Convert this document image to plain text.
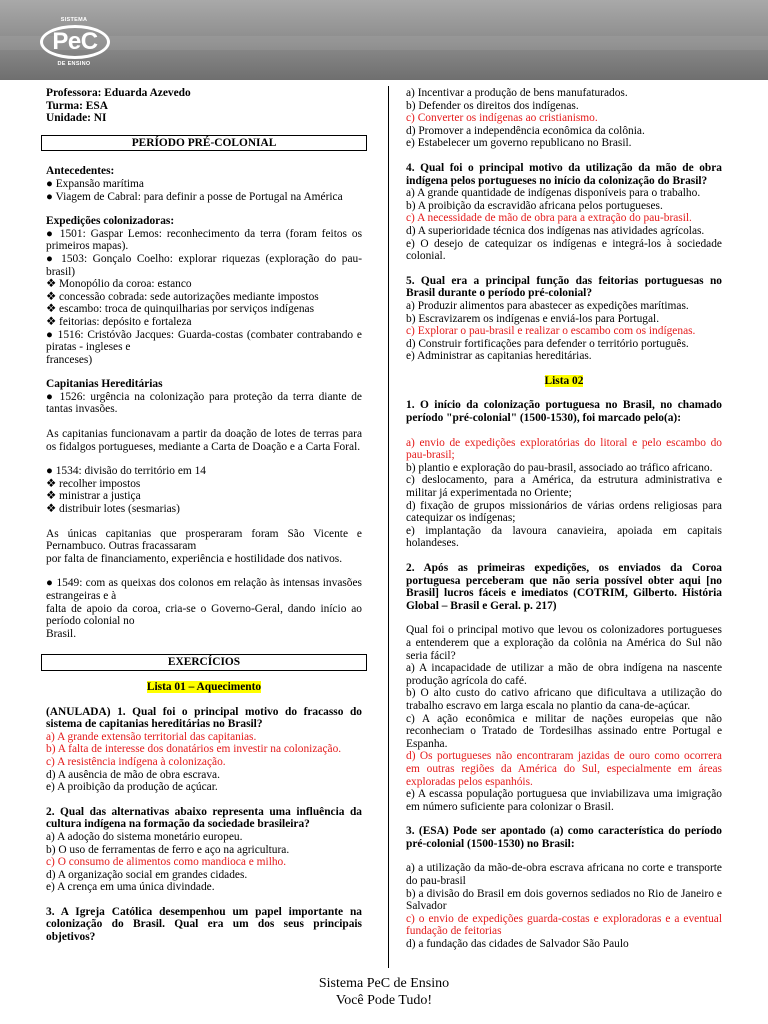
SISTEMA
PeC
DE ENSINO
Professora: Eduarda Azevedo
Turma: ESA
Unidade: NI
PERÍODO PRÉ-COLONIAL
Antecedentes:
● Expansão marítima
● Viagem de Cabral: para definir a posse de Portugal na América
Expedições colonizadoras:
● 1501: Gaspar Lemos: reconhecimento da terra (foram feitos os primeiros mapas).
● 1503: Gonçalo Coelho: explorar riquezas (exploração do pau-brasil)
❖ Monopólio da coroa: estanco
❖ concessão cobrada: sede autorizações mediante impostos
❖ escambo: troca de quinquilharias por serviços indígenas
❖ feitorias: depósito e fortaleza
● 1516: Cristóvão Jacques: Guarda-costas (combater contrabando e piratas - ingleses e
franceses)
Capitanias Hereditárias
● 1526: urgência na colonização para proteção da terra diante de tantas invasões.
As capitanias funcionavam a partir da doação de lotes de terras para os fidalgos portugueses, mediante a Carta de Doação e a Carta Foral.
● 1534: divisão do território em 14
❖ recolher impostos
❖ ministrar a justiça
❖ distribuir lotes (sesmarias)
As únicas capitanias que prosperaram foram São Vicente e Pernambuco. Outras fracassaram
por falta de financiamento, experiência e hostilidade dos nativos.
● 1549: com as queixas dos colonos em relação às intensas invasões estrangeiras e à
falta de apoio da coroa, cria-se o Governo-Geral, dando início ao período colonial no
Brasil.
EXERCÍCIOS
Lista 01 – Aquecimento
(ANULADA) 1. Qual foi o principal motivo do fracasso do sistema de capitanias hereditárias no Brasil?
a) A grande extensão territorial das capitanias.
b) A falta de interesse dos donatários em investir na colonização.
c) A resistência indígena à colonização.
d) A ausência de mão de obra escrava.
e) A proibição da produção de açúcar.
2. Qual das alternativas abaixo representa uma influência da cultura indígena na formação da sociedade brasileira?
a) A adoção do sistema monetário europeu.
b) O uso de ferramentas de ferro e aço na agricultura.
c) O consumo de alimentos como mandioca e milho.
d) A organização social em grandes cidades.
e) A crença em uma única divindade.
3. A Igreja Católica desempenhou um papel importante na colonização do Brasil. Qual era um dos seus principais objetivos?
a) Incentivar a produção de bens manufaturados.
b) Defender os direitos dos indígenas.
c) Converter os indígenas ao cristianismo.
d) Promover a independência econômica da colônia.
e) Estabelecer um governo republicano no Brasil.
4. Qual foi o principal motivo da utilização da mão de obra indígena pelos portugueses no início da colonização do Brasil?
a) A grande quantidade de indígenas disponíveis para o trabalho.
b) A proibição da escravidão africana pelos portugueses.
c) A necessidade de mão de obra para a extração do pau-brasil.
d) A superioridade técnica dos indígenas nas atividades agrícolas.
e) O desejo de catequizar os indígenas e integrá-los à sociedade colonial.
5. Qual era a principal função das feitorias portuguesas no Brasil durante o período pré-colonial?
a) Produzir alimentos para abastecer as expedições marítimas.
b) Escravizarem os indígenas e enviá-los para Portugal.
c) Explorar o pau-brasil e realizar o escambo com os indígenas.
d) Construir fortificações para defender o território português.
e) Administrar as capitanias hereditárias.
Lista 02
1. O início da colonização portuguesa no Brasil, no chamado período "pré-colonial" (1500-1530), foi marcado pelo(a):
a) envio de expedições exploratórias do litoral e pelo escambo do pau-brasil;
b) plantio e exploração do pau-brasil, associado ao tráfico africano.
c) deslocamento, para a América, da estrutura administrativa e militar já experimentada no Oriente;
d) fixação de grupos missionários de várias ordens religiosas para catequizar os indígenas;
e) implantação da lavoura canavieira, apoiada em capitais holandeses.
2. Após as primeiras expedições, os enviados da Coroa portuguesa perceberam que não seria possível obter aqui [no Brasil] lucros fáceis e imediatos (COTRIM, Gilberto. História Global – Brasil e Geral. p. 217)
Qual foi o principal motivo que levou os colonizadores portugueses a entenderem que a exploração da colônia na América do Sul não seria fácil?
a) A incapacidade de utilizar a mão de obra indígena na nascente produção agrícola do café.
b) O alto custo do cativo africano que dificultava a utilização do trabalho escravo em larga escala no plantio da cana-de-açúcar.
c) A ação econômica e militar de nações europeias que não reconheciam o Tratado de Tordesilhas assinado entre Portugal e Espanha.
d) Os portugueses não encontraram jazidas de ouro como ocorrera em outras regiões da América do Sul, especialmente em áreas exploradas pelos espanhóis.
e) A escassa população portuguesa que inviabilizava uma imigração em número suficiente para colonizar o Brasil.
3. (ESA) Pode ser apontado (a) como característica do período pré-colonial (1500-1530) no Brasil:
a) a utilização da mão-de-obra escrava africana no corte e transporte do pau-brasil
b) a divisão do Brasil em dois governos sediados no Rio de Janeiro e Salvador
c) o envio de expedições guarda-costas e exploradoras e a eventual fundação de feitorias
d) a fundação das cidades de Salvador São Paulo
Sistema PeC de Ensino
Você Pode Tudo!
